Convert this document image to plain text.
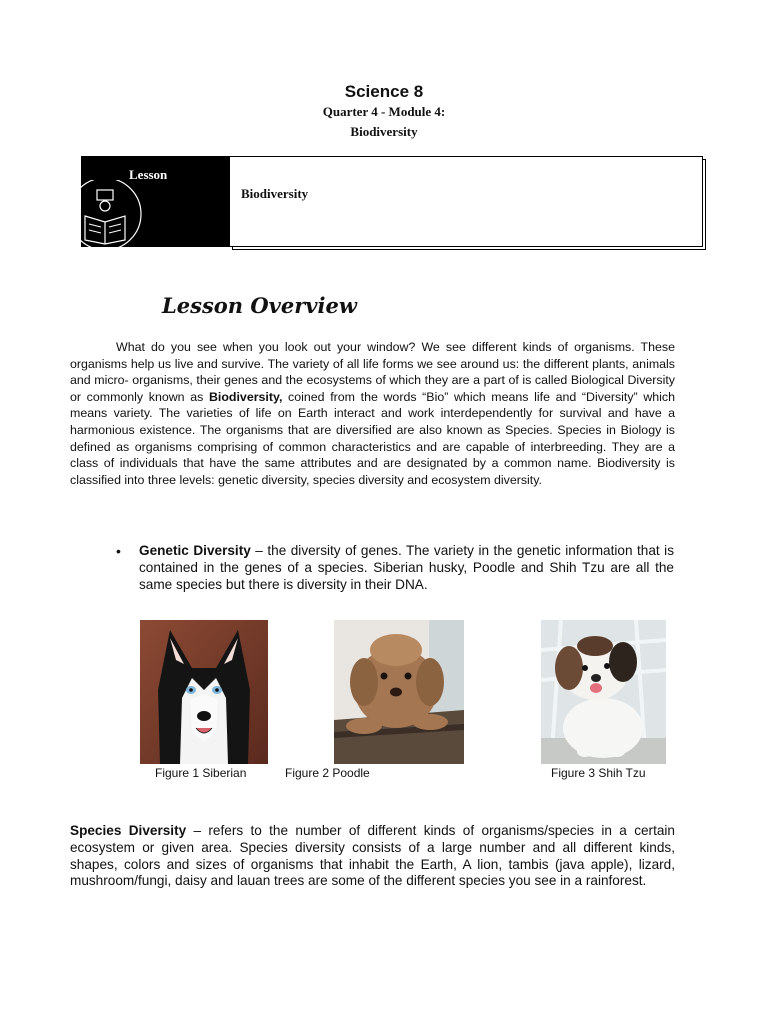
Science 8
Quarter 4 - Module 4:
Biodiversity
Lesson
Biodiversity
Lesson Overview

What do you see when you look out your window? We see different kinds of organisms. These organisms help us live and survive. The variety of all life forms we see around us: the different plants, animals and micro- organisms, their genes and the ecosystems of which they are a part of is called Biological Diversity or commonly known as Biodiversity, coined from the words “Bio” which means life and “Diversity” which means variety. The varieties of life on Earth interact and work interdependently for survival and have a harmonious existence. The organisms that are diversified are also known as Species. Species in Biology is defined as organisms comprising of common characteristics and are capable of interbreeding. They are a class of individuals that have the same attributes and are designated by a common name. Biodiversity is classified into three levels: genetic diversity, species diversity and ecosystem diversity.

• Genetic Diversity – the diversity of genes. The variety in the genetic information that is contained in the genes of a species. Siberian husky, Poodle and Shih Tzu are all the same species but there is diversity in their DNA.

Figure 1 Siberian	Figure 2 Poodle	Figure 3 Shih Tzu

Species Diversity – refers to the number of different kinds of organisms/species in a certain ecosystem or given area. Species diversity consists of a large number and all different kinds, shapes, colors and sizes of organisms that inhabit the Earth, A lion, tambis (java apple), lizard, mushroom/fungi, daisy and lauan trees are some of the different species you see in a rainforest.
